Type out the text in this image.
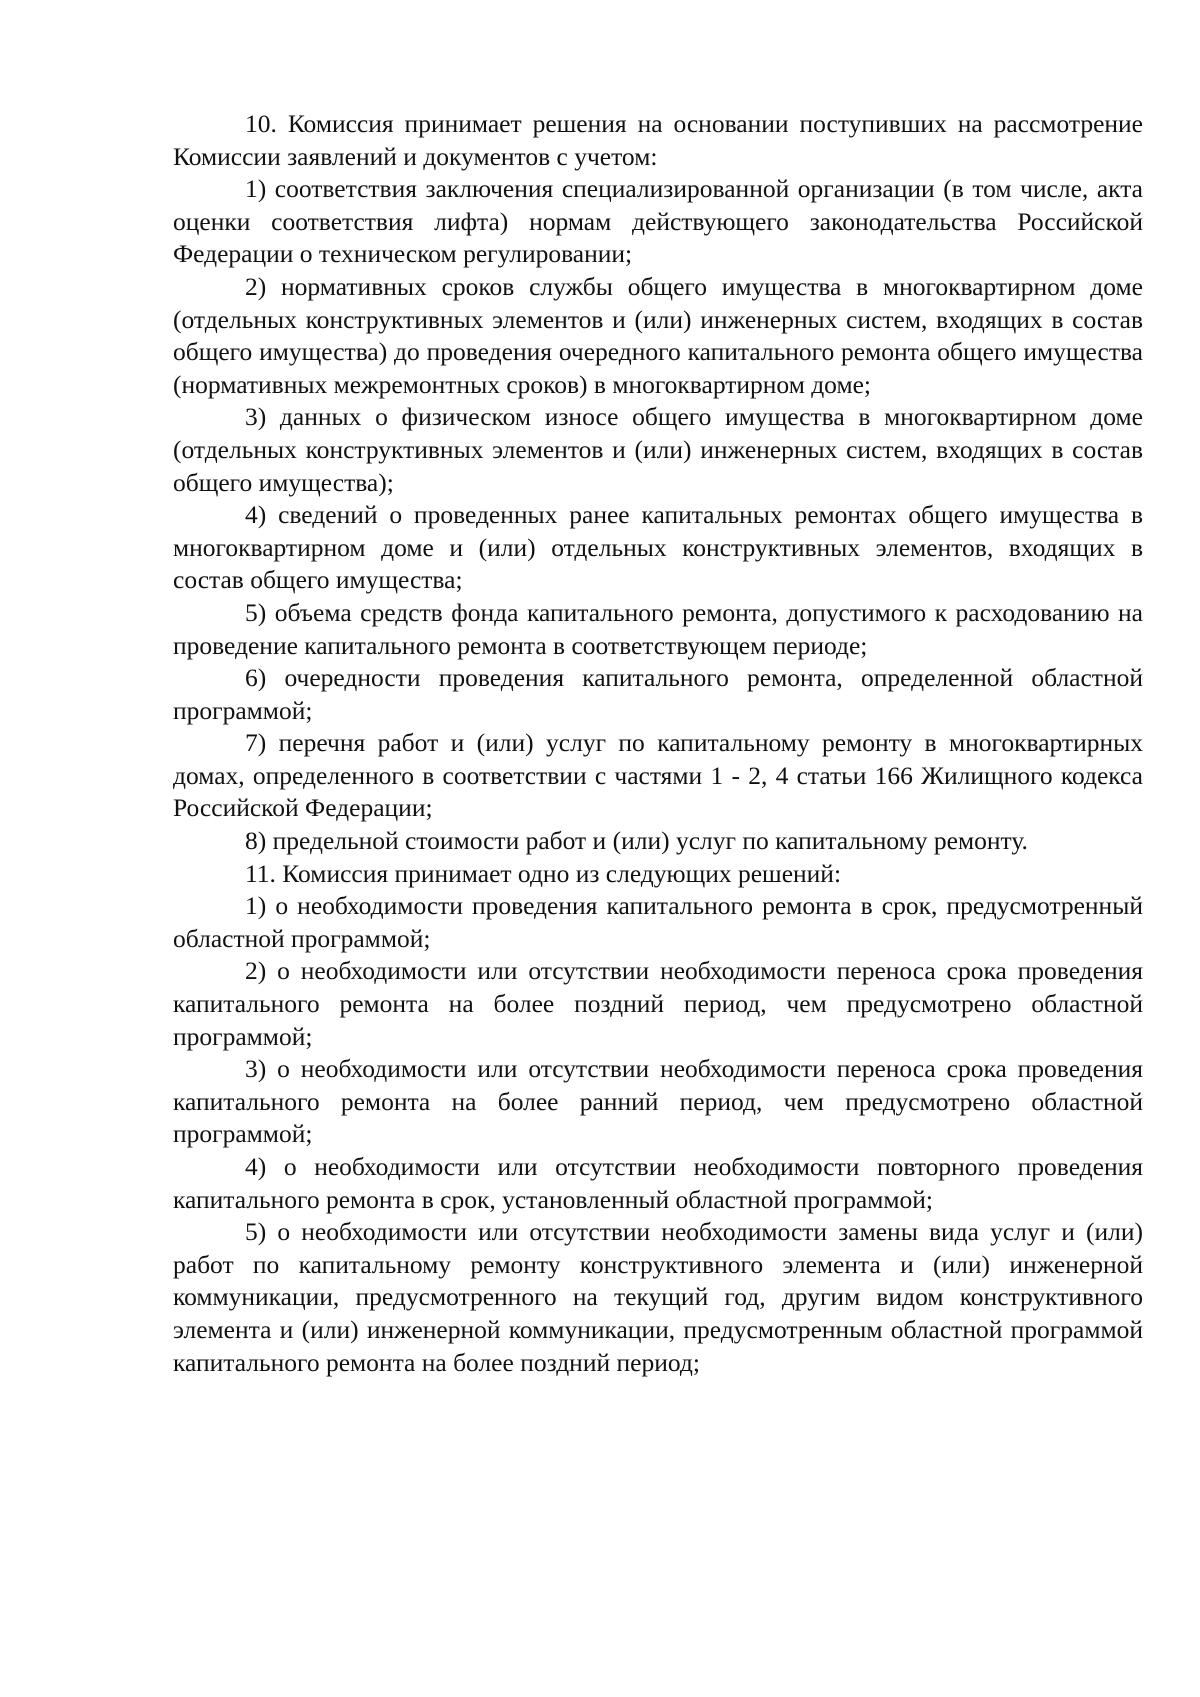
10. Комиссия принимает решения на основании поступивших на рассмотрение Комиссии заявлений и документов с учетом:

1) соответствия заключения специализированной организации (в том числе, акта оценки соответствия лифта) нормам действующего законодательства Российской Федерации о техническом регулировании;

2) нормативных сроков службы общего имущества в многоквартирном доме (отдельных конструктивных элементов и (или) инженерных систем, входящих в состав общего имущества) до проведения очередного капитального ремонта общего имущества (нормативных межремонтных сроков) в многоквартирном доме;

3) данных о физическом износе общего имущества в многоквартирном доме (отдельных конструктивных элементов и (или) инженерных систем, входящих в состав общего имущества);

4) сведений о проведенных ранее капитальных ремонтах общего имущества в многоквартирном доме и (или) отдельных конструктивных элементов, входящих в состав общего имущества;

5) объема средств фонда капитального ремонта, допустимого к расходованию на проведение капитального ремонта в соответствующем периоде;

6) очередности проведения капитального ремонта, определенной областной программой;

7) перечня работ и (или) услуг по капитальному ремонту в многоквартирных домах, определенного в соответствии с частями 1 - 2, 4 статьи 166 Жилищного кодекса Российской Федерации;

8) предельной стоимости работ и (или) услуг по капитальному ремонту.

11. Комиссия принимает одно из следующих решений:

1) о необходимости проведения капитального ремонта в срок, предусмотренный областной программой;

2) о необходимости или отсутствии необходимости переноса срока проведения капитального ремонта на более поздний период, чем предусмотрено областной программой;

3) о необходимости или отсутствии необходимости переноса срока проведения капитального ремонта на более ранний период, чем предусмотрено областной программой;

4) о необходимости или отсутствии необходимости повторного проведения капитального ремонта в срок, установленный областной программой;

5) о необходимости или отсутствии необходимости замены вида услуг и (или) работ по капитальному ремонту конструктивного элемента и (или) инженерной коммуникации, предусмотренного на текущий год, другим видом конструктивного элемента и (или) инженерной коммуникации, предусмотренным областной программой капитального ремонта на более поздний период;
